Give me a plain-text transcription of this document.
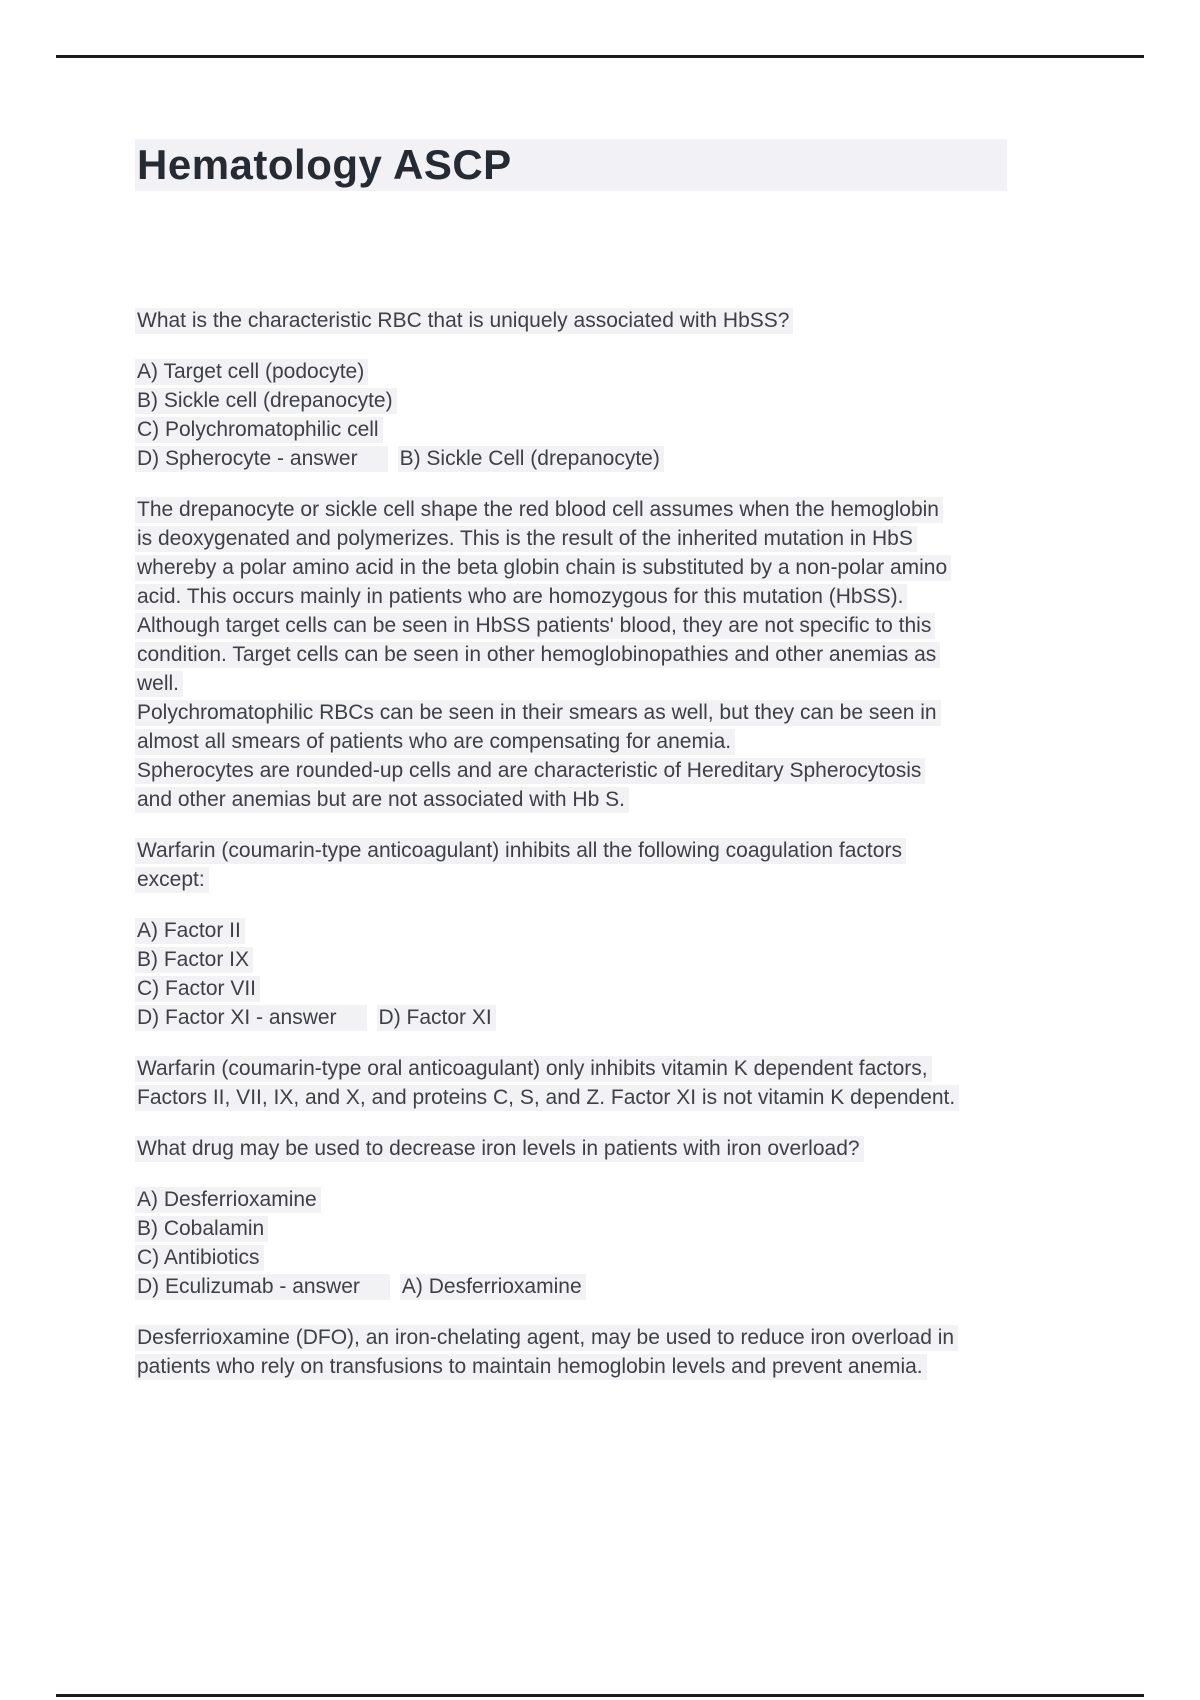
Hematology ASCP

What is the characteristic RBC that is uniquely associated with HbSS?

A) Target cell (podocyte)

B) Sickle cell (drepanocyte)

C) Polychromatophilic cell

D) Spherocyte - answer B) Sickle Cell (drepanocyte)

The drepanocyte or sickle cell shape the red blood cell assumes when the hemoglobin

is deoxygenated and polymerizes. This is the result of the inherited mutation in HbS

whereby a polar amino acid in the beta globin chain is substituted by a non-polar amino

acid. This occurs mainly in patients who are homozygous for this mutation (HbSS).

Although target cells can be seen in HbSS patients' blood, they are not specific to this

condition. Target cells can be seen in other hemoglobinopathies and other anemias as

well.

Polychromatophilic RBCs can be seen in their smears as well, but they can be seen in

almost all smears of patients who are compensating for anemia.

Spherocytes are rounded-up cells and are characteristic of Hereditary Spherocytosis

and other anemias but are not associated with Hb S.

Warfarin (coumarin-type anticoagulant) inhibits all the following coagulation factors

except:

A) Factor II

B) Factor IX

C) Factor VII

D) Factor XI - answer D) Factor XI

Warfarin (coumarin-type oral anticoagulant) only inhibits vitamin K dependent factors,

Factors II, VII, IX, and X, and proteins C, S, and Z. Factor XI is not vitamin K dependent.

What drug may be used to decrease iron levels in patients with iron overload?

A) Desferrioxamine

B) Cobalamin

C) Antibiotics

D) Eculizumab - answer A) Desferrioxamine

Desferrioxamine (DFO), an iron-chelating agent, may be used to reduce iron overload in

patients who rely on transfusions to maintain hemoglobin levels and prevent anemia.
